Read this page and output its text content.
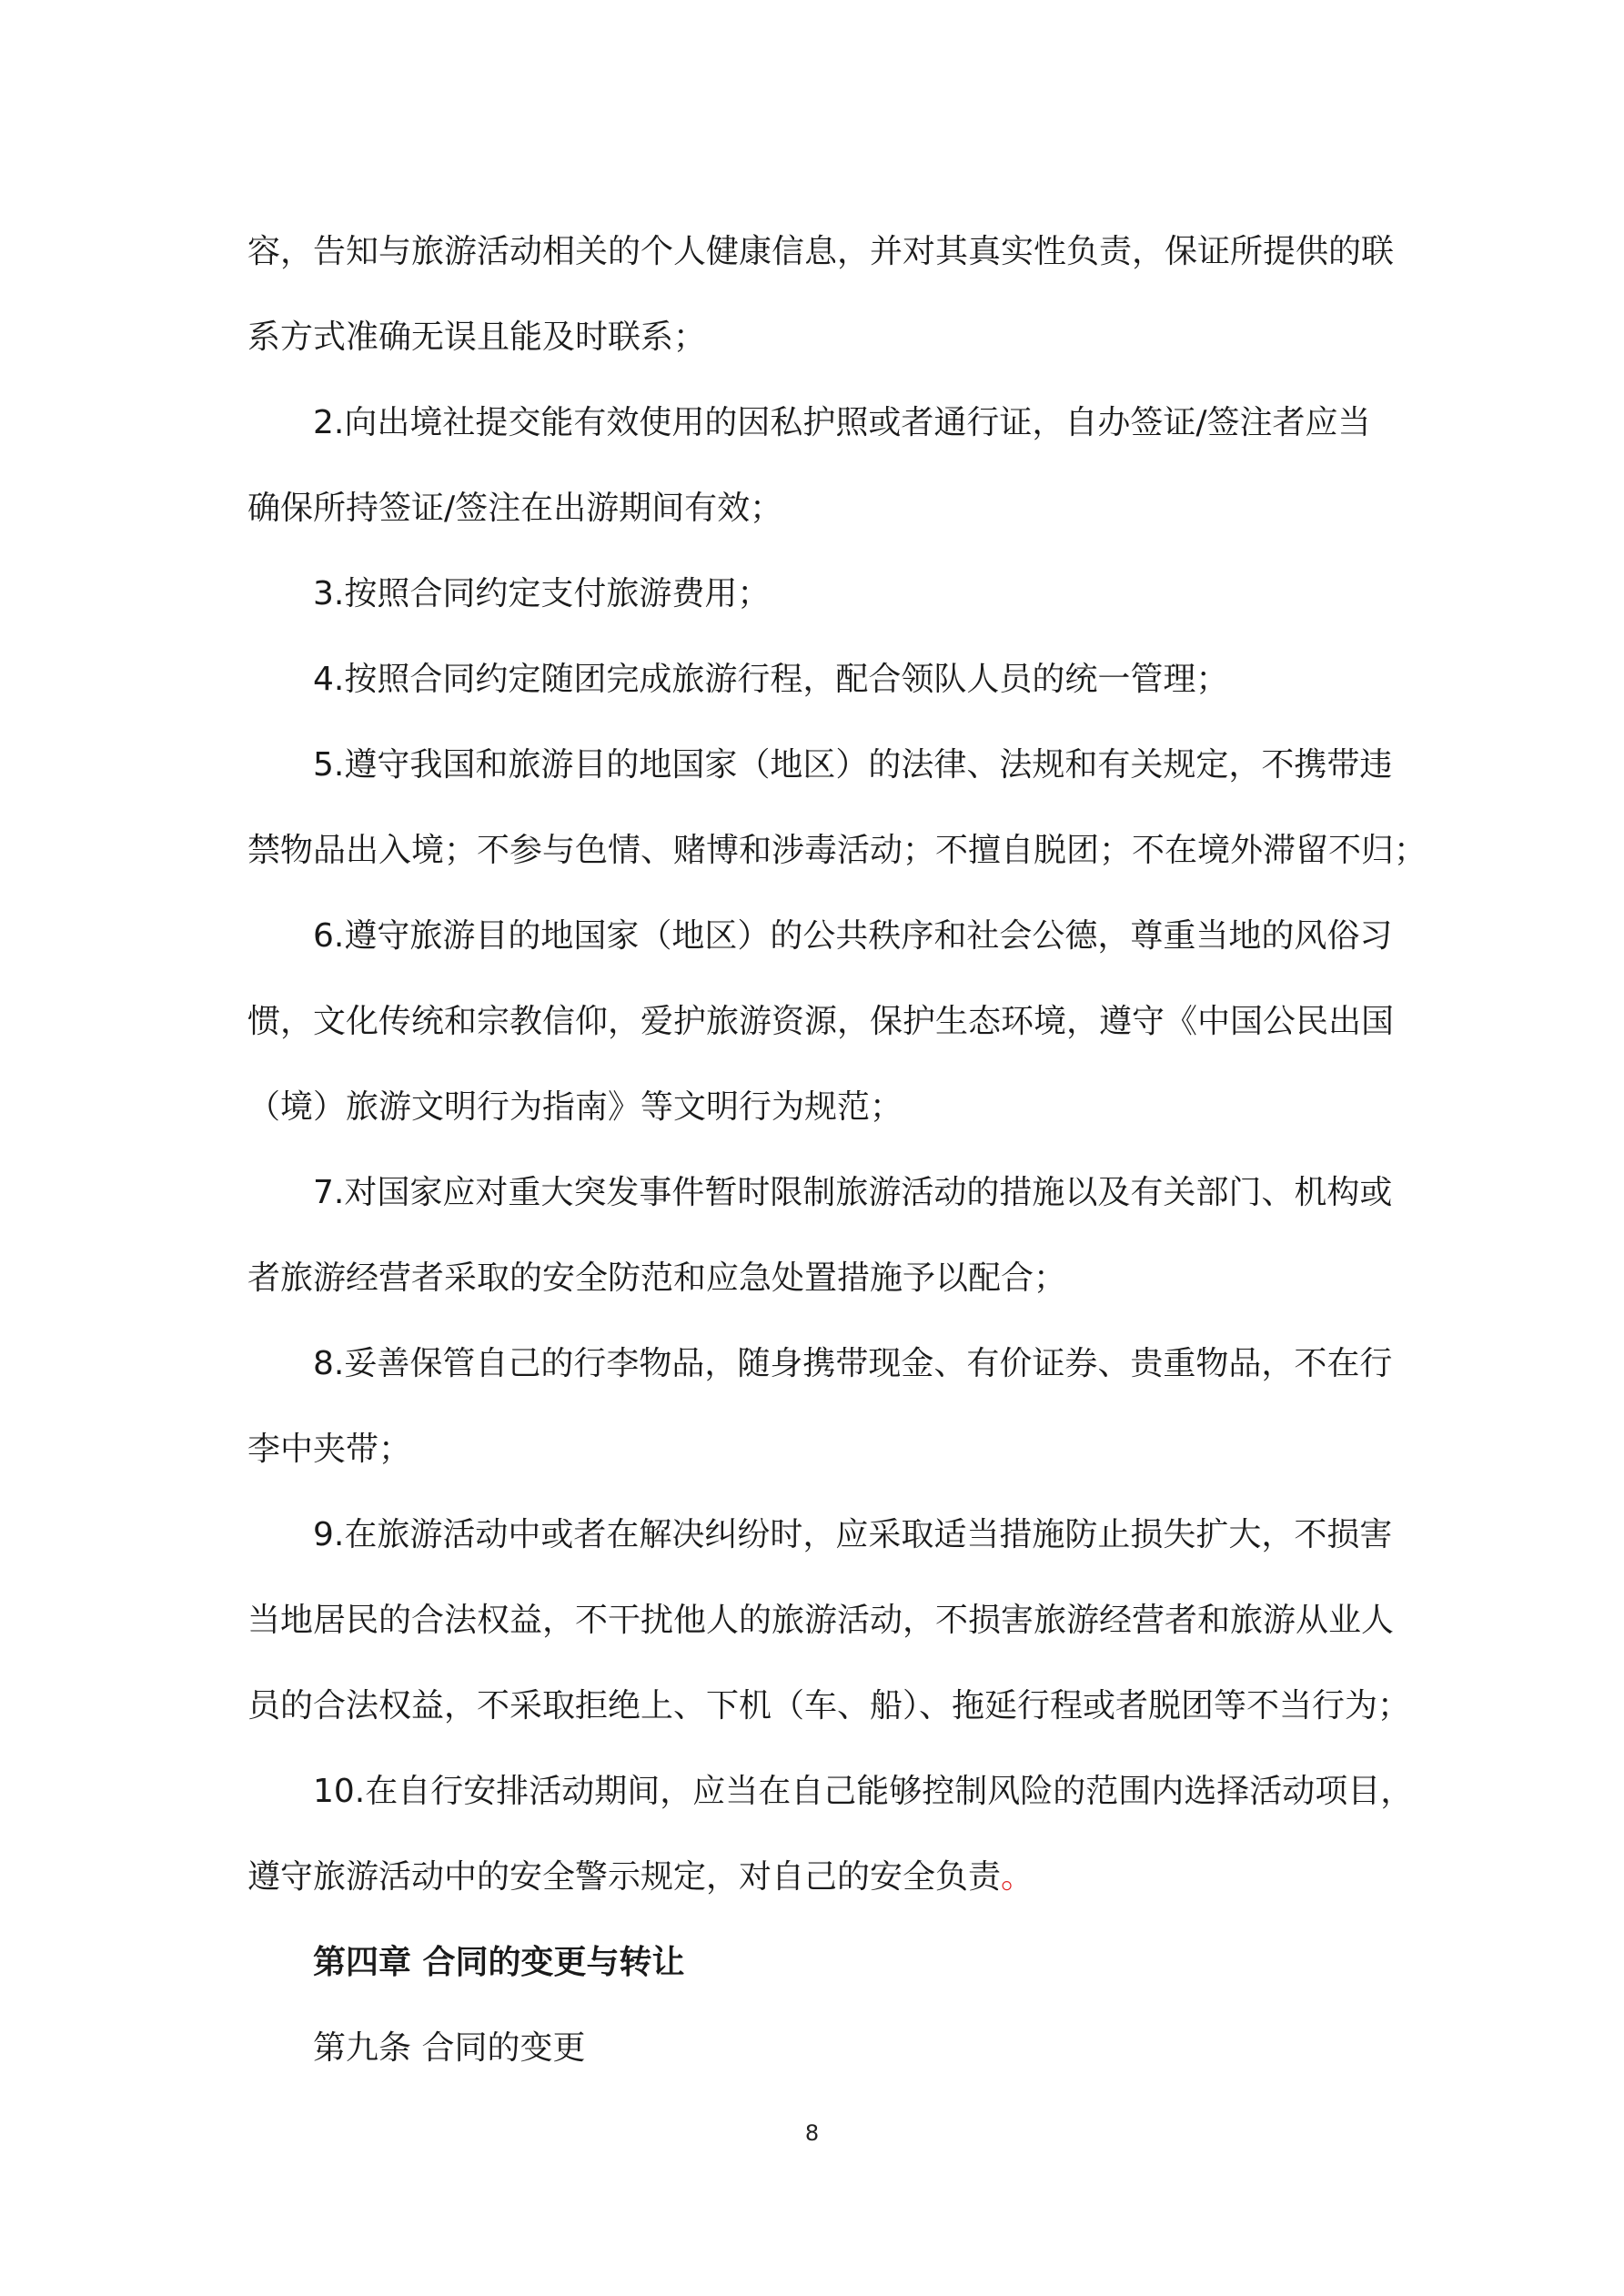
容，告知与旅游活动相关的个人健康信息，并对其真实性负责，保证所提供的联

系方式准确无误且能及时联系；

2.向出境社提交能有效使用的因私护照或者通行证，自办签证/签注者应当

确保所持签证/签注在出游期间有效；

3.按照合同约定支付旅游费用；

4.按照合同约定随团完成旅游行程，配合领队人员的统一管理；

5.遵守我国和旅游目的地国家（地区）的法律、法规和有关规定，不携带违

禁物品出入境；不参与色情、赌博和涉毒活动；不擅自脱团；不在境外滞留不归；

6.遵守旅游目的地国家（地区）的公共秩序和社会公德，尊重当地的风俗习

惯，文化传统和宗教信仰，爱护旅游资源，保护生态环境，遵守《中国公民出国

（境）旅游文明行为指南》等文明行为规范；

7.对国家应对重大突发事件暂时限制旅游活动的措施以及有关部门、机构或

者旅游经营者采取的安全防范和应急处置措施予以配合；

8.妥善保管自己的行李物品，随身携带现金、有价证券、贵重物品，不在行

李中夹带；

9.在旅游活动中或者在解决纠纷时，应采取适当措施防止损失扩大，不损害

当地居民的合法权益，不干扰他人的旅游活动，不损害旅游经营者和旅游从业人

员的合法权益，不采取拒绝上、下机（车、船）、拖延行程或者脱团等不当行为；

10.在自行安排活动期间，应当在自己能够控制风险的范围内选择活动项目，

遵守旅游活动中的安全警示规定，对自己的安全负责。

第四章 合同的变更与转让

第九条 合同的变更

8
